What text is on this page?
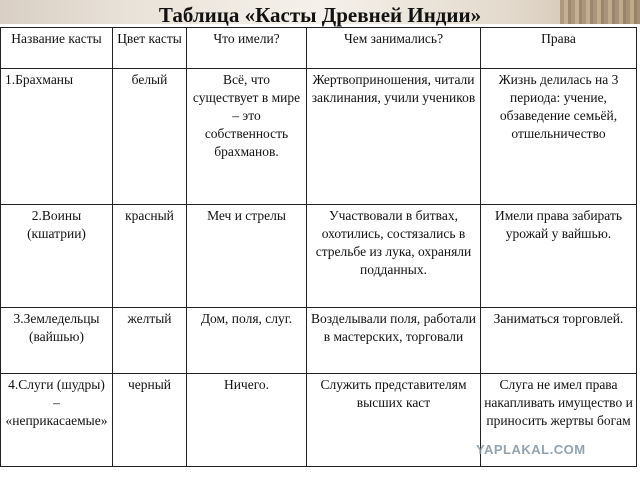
Таблица «Касты Древней Индии»
Название касты	Цвет касты	Что имели?	Чем занимались?	Права
1.Брахманы	белый	Всё, что существует в мире – это собственность брахманов.	Жертвоприношения, читали заклинания, учили учеников	Жизнь делилась на 3 периода: учение, обзаведение семьёй, отшельничество
2.Воины (кшатрии)	красный	Меч и стрелы	Участвовали в битвах, охотились, состязались в стрельбе из лука, охраняли подданных.	Имели права забирать урожай у вайшью.
3.Земледельцы (вайшью)	желтый	Дом, поля, слуг.	Возделывали поля, работали в мастерских, торговали	Заниматься торговлей.
4.Слуги (шудры) – «неприкасаемые»	черный	Ничего.	Служить представителям высших каст	Слуга не имел права накапливать имущество и приносить жертвы богам
YAPLAKAL.COM
